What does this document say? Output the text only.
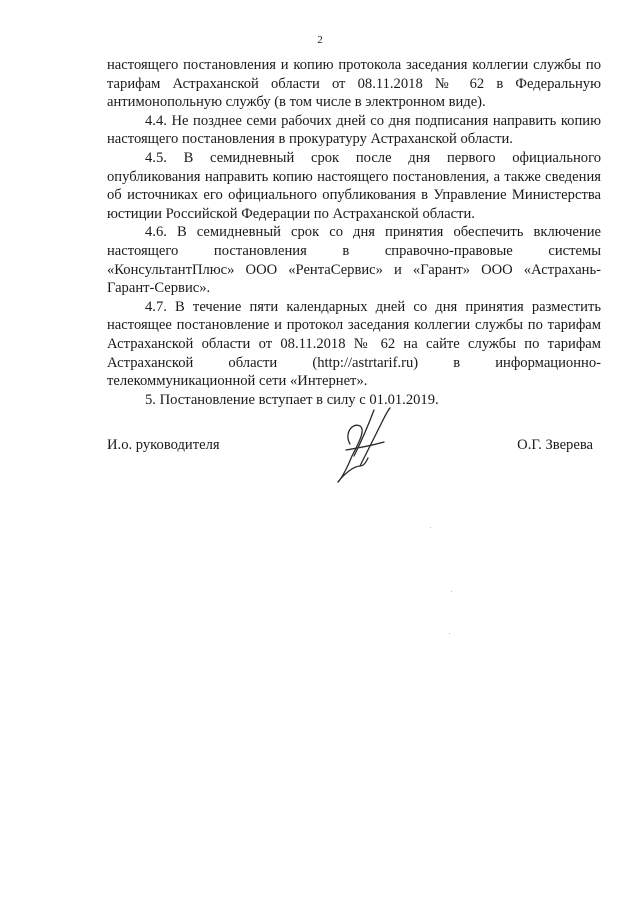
2

настоящего постановления и копию протокола заседания коллегии службы по тарифам Астраханской области от 08.11.2018 № 62 в Федеральную антимонопольную службу (в том числе в электронном виде).

4.4. Не позднее семи рабочих дней со дня подписания направить копию настоящего постановления в прокуратуру Астраханской области.

4.5. В семидневный срок после дня первого официального опубликования направить копию настоящего постановления, а также сведения об источниках его официального опубликования в Управление Министерства юстиции Российской Федерации по Астраханской области.

4.6. В семидневный срок со дня принятия обеспечить включение настоящего постановления в справочно-правовые системы «КонсультантПлюс» ООО «РентаСервис» и «Гарант» ООО «Астрахань-Гарант-Сервис».

4.7. В течение пяти календарных дней со дня принятия разместить настоящее постановление и протокол заседания коллегии службы по тарифам Астраханской области от 08.11.2018 № 62 на сайте службы по тарифам Астраханской области (http://astrtarif.ru) в информационно-телекоммуникационной сети «Интернет».

5. Постановление вступает в силу с 01.01.2019.

И.о. руководителя	О.Г. Зверева
